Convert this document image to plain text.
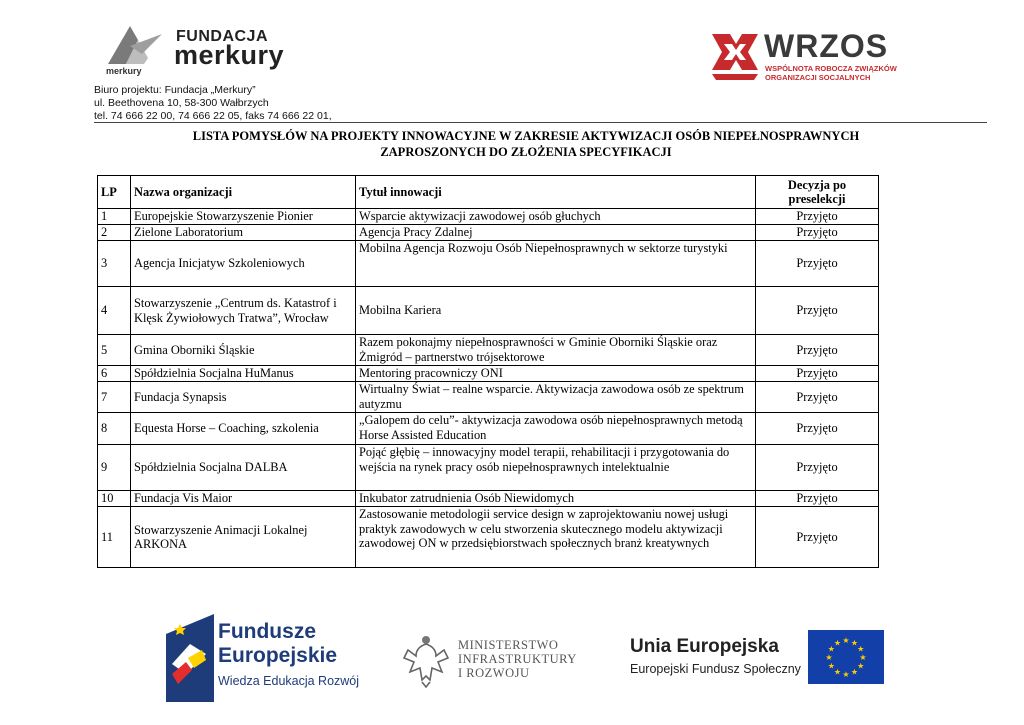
FUNDACJA
merkury
merkury
WRZOS
WSPÓLNOTA ROBOCZA ZWIĄZKÓW
ORGANIZACJI SOCJALNYCH
Biuro projektu: Fundacja „Merkury”
ul. Beethovena 10, 58-300 Wałbrzych
tel. 74 666 22 00, 74 666 22 05, faks 74 666 22 01,
LISTA POMYSŁÓW NA PROJEKTY INNOWACYJNE W ZAKRESIE AKTYWIZACJI OSÓB NIEPEŁNOSPRAWNYCH
ZAPROSZONYCH DO ZŁOŻENIA SPECYFIKACJI
LP	Nazwa organizacji	Tytuł innowacji	Decyzja po preselekcji
1	Europejskie Stowarzyszenie Pionier	Wsparcie aktywizacji zawodowej osób głuchych	Przyjęto
2	Zielone Laboratorium	Agencja Pracy Zdalnej	Przyjęto
3	Agencja Inicjatyw Szkoleniowych	Mobilna Agencja Rozwoju Osób Niepełnosprawnych w sektorze turystyki	Przyjęto
4	Stowarzyszenie „Centrum ds. Katastrof i Klęsk Żywiołowych Tratwa”, Wrocław	Mobilna Kariera	Przyjęto
5	Gmina Oborniki Śląskie	Razem pokonajmy niepełnosprawności w Gminie Oborniki Śląskie oraz Żmigród – partnerstwo trójsektorowe	Przyjęto
6	Spółdzielnia Socjalna HuManus	Mentoring pracowniczy ONI	Przyjęto
7	Fundacja Synapsis	Wirtualny Świat – realne wsparcie. Aktywizacja zawodowa osób ze spektrum autyzmu	Przyjęto
8	Equesta Horse – Coaching, szkolenia	„Galopem do celu”- aktywizacja zawodowa osób niepełnosprawnych metodą Horse Assisted Education	Przyjęto
9	Spółdzielnia Socjalna DALBA	Pojąć głębię – innowacyjny model terapii, rehabilitacji i przygotowania do wejścia na rynek pracy osób niepełnosprawnych intelektualnie	Przyjęto
10	Fundacja Vis Maior	Inkubator zatrudnienia Osób Niewidomych	Przyjęto
11	Stowarzyszenie Animacji Lokalnej ARKONA	Zastosowanie metodologii service design w zaprojektowaniu nowej usługi praktyk zawodowych w celu stworzenia skutecznego modelu aktywizacji zawodowej ON w przedsiębiorstwach społecznych branż kreatywnych	Przyjęto
Fundusze
Europejskie
Wiedza Edukacja Rozwój
MINISTERSTWO
INFRASTRUKTURY
I ROZWOJU
Unia Europejska
Europejski Fundusz Społeczny
★ ★
★
★
★
★
★
★
★
★
★
★
